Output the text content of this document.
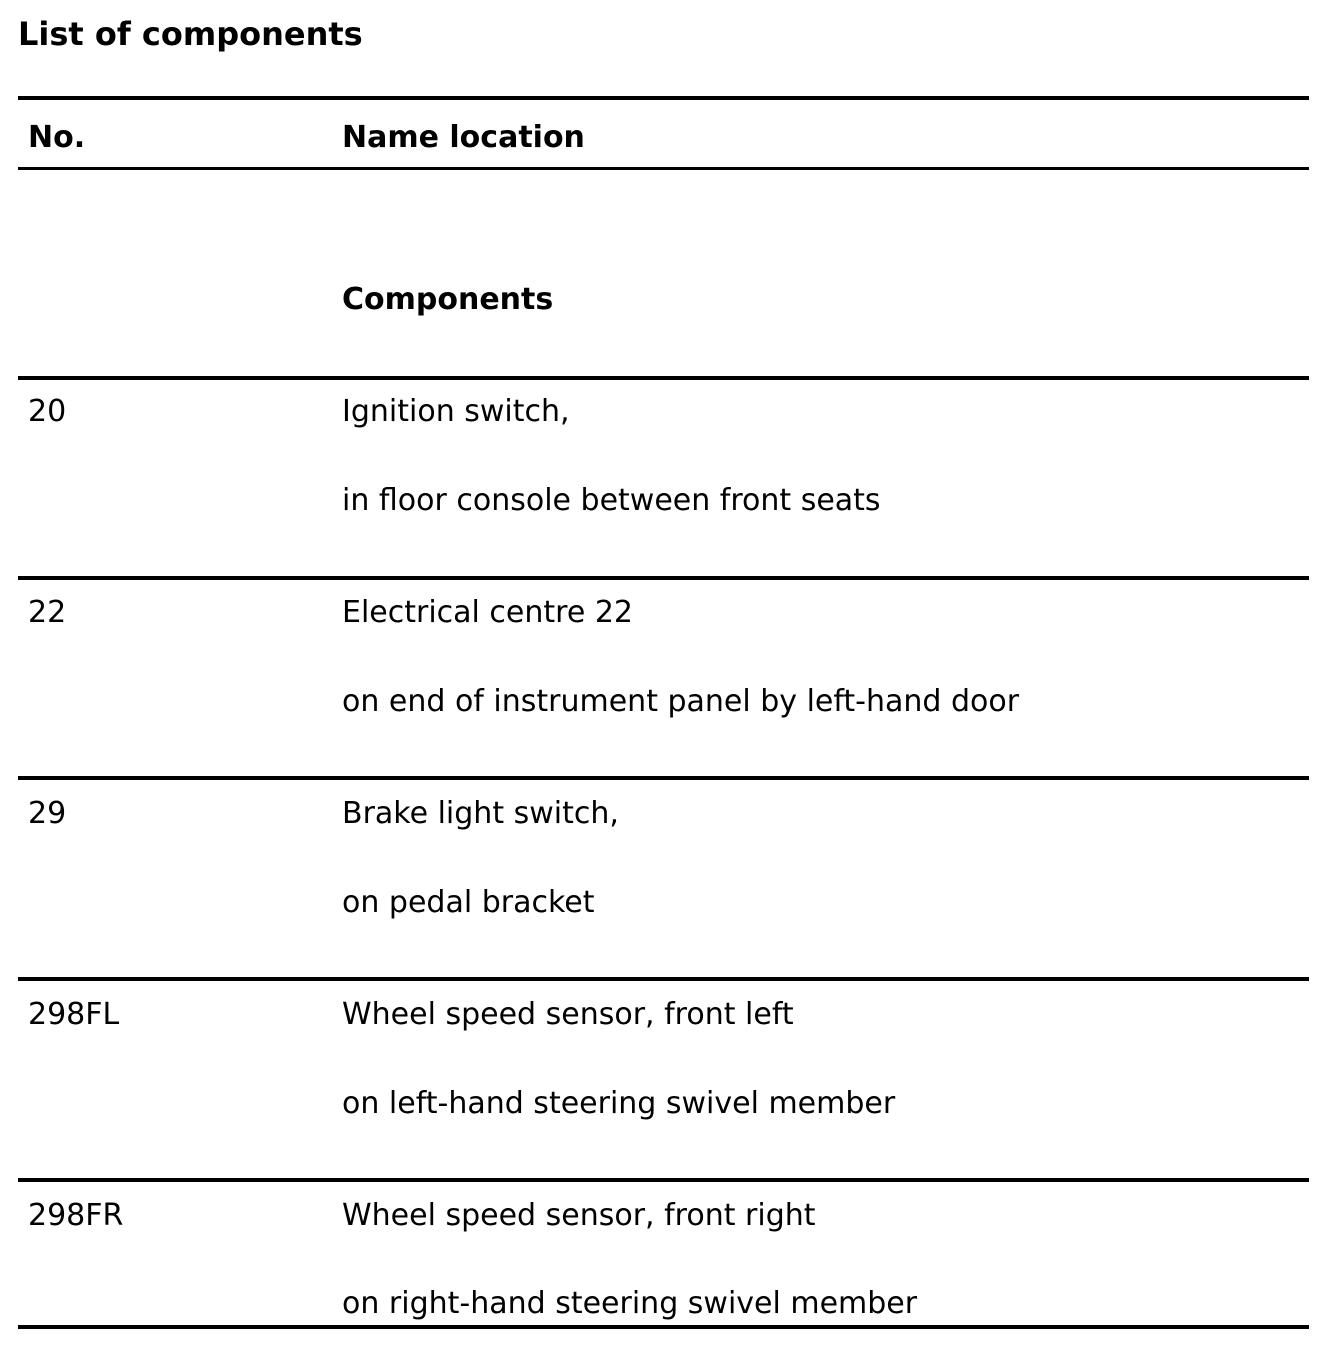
List of components
No.	Name location
Components
20	Ignition switch,
in floor console between front seats
22	Electrical centre 22
on end of instrument panel by left-hand door
29	Brake light switch,
on pedal bracket
298FL	Wheel speed sensor, front left
on left-hand steering swivel member
298FR	Wheel speed sensor, front right
on right-hand steering swivel member
